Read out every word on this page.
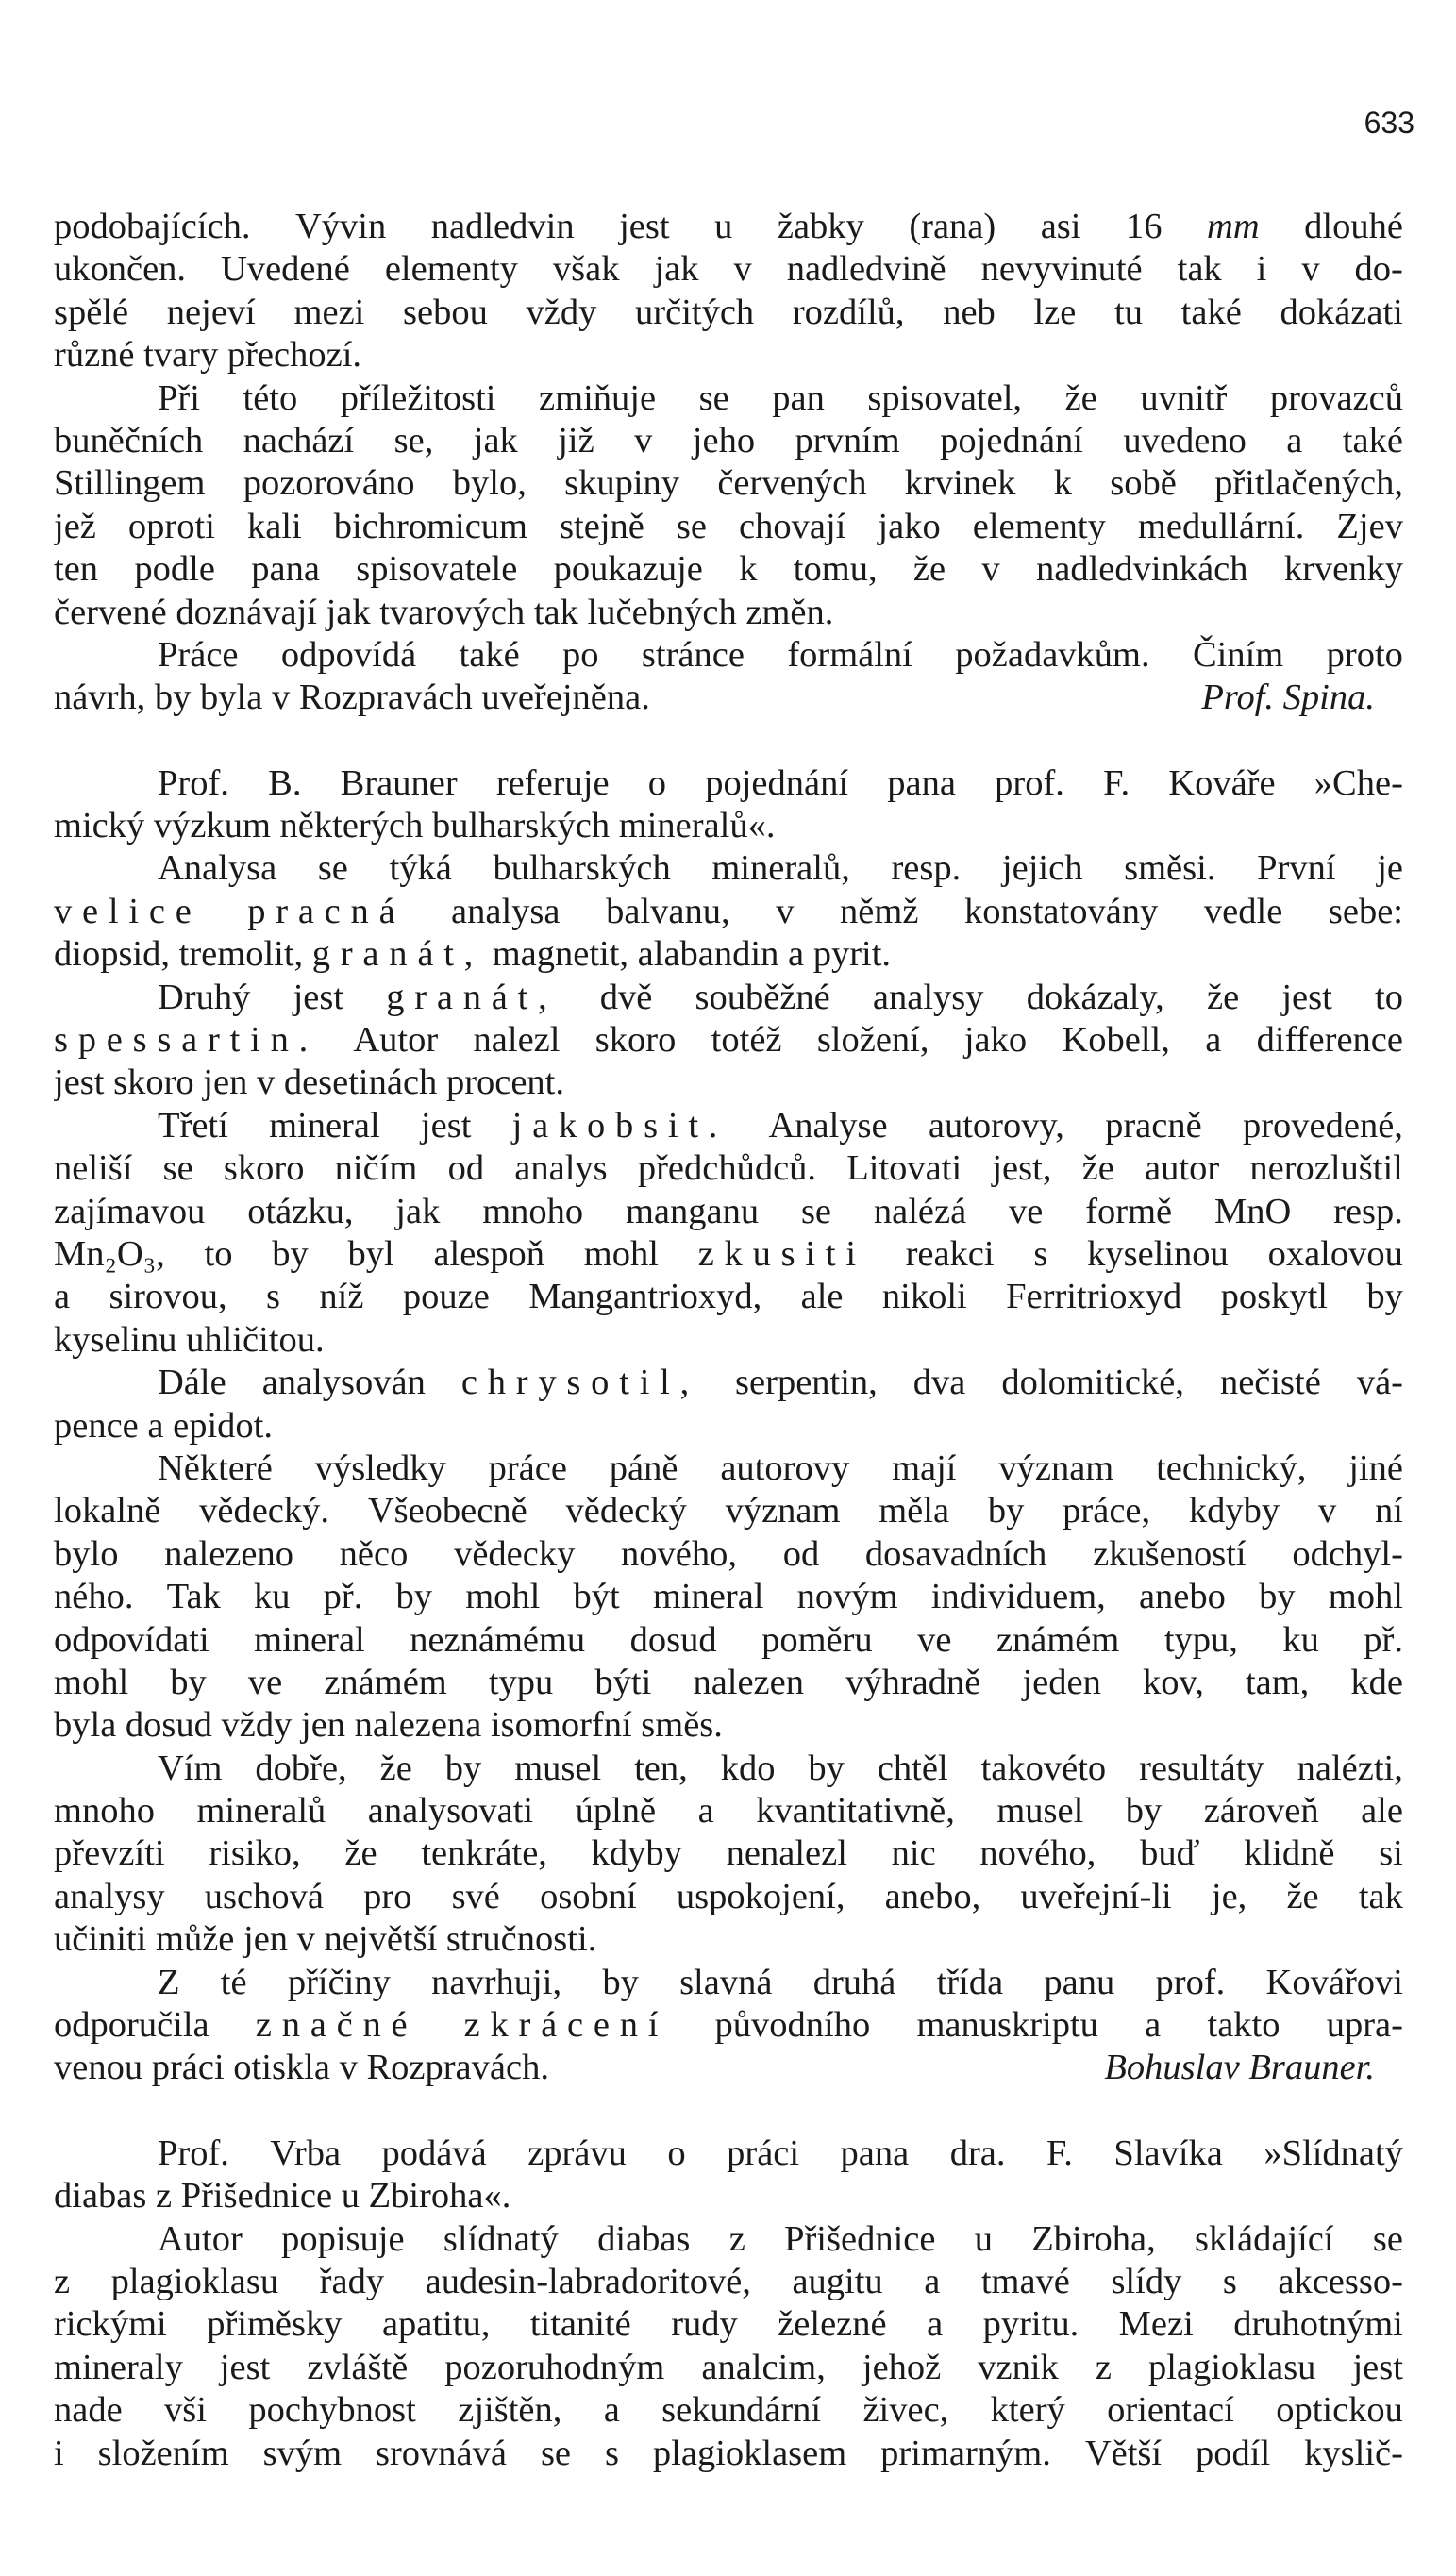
633
podobajících. Vývin nadledvin jest u žabky (rana) asi 16 mm dlouhé
ukončen. Uvedené elementy však jak v nadledvině nevyvinuté tak i v do-
spělé nejeví mezi sebou vždy určitých rozdílů, neb lze tu také dokázati
různé
tvary
přechozí.
Při této příležitosti zmiňuje se pan spisovatel, že uvnitř provazců
buněčních nachází se, jak již v jeho prvním pojednání uvedeno a také
Stillingem pozorováno bylo, skupiny červených krvinek k sobě přitlačených,
jež oproti kali bichromicum stejně se chovají jako elementy medullární. Zjev
ten podle pana spisovatele poukazuje k tomu, že v nadledvinkách krvenky
červené
doznávají
jak
tvarových
tak
lučebných
změn.
Práce odpovídá také po stránce formální požadavkům. Činím proto
návrh,
by
byla
v
Rozpravách
uveřejněna.	Prof. Spina.
Prof. B. Brauner referuje o pojednání pana prof. F. Kováře »Che-
mický
výzkum
některých
bulharských
mineralů«.
Analysa se týká bulharských mineralů, resp. jejich směsi. První je
velice pracná analysa balvanu, v němž konstatovány vedle sebe:
diopsid,
tremolit,
granát,
magnetit,
alabandin
a
pyrit.
Druhý jest granát, dvě souběžné analysy dokázaly, že jest to
spessartin. Autor nalezl skoro totéž složení, jako Kobell, a difference
jest
skoro
jen
v
desetinách
procent.
Třetí mineral jest jakobsit. Analyse autorovy, pracně provedené,
neliší se skoro ničím od analys předchůdců. Litovati jest, že autor nerozluštil
zajímavou otázku, jak mnoho manganu se nalézá ve formě MnO resp.
Mn₂O₃, to by byl alespoň mohl zkusiti reakci s kyselinou oxalovou
a sirovou, s níž pouze Mangantrioxyd, ale nikoli Ferritrioxyd poskytl by
kyselinu
uhličitou.
Dále analysován chrysotil, serpentin, dva dolomitické, nečisté vá-
pence
a
epidot.
Některé výsledky práce páně autorovy mají význam technický, jiné
lokalně vědecký. Všeobecně vědecký význam měla by práce, kdyby v ní
bylo nalezeno něco vědecky nového, od dosavadních zkušeností odchyl-
ného. Tak ku př. by mohl být mineral novým individuem, anebo by mohl
odpovídati mineral neznámému dosud poměru ve známém typu, ku př.
mohl by ve známém typu býti nalezen výhradně jeden kov, tam, kde
byla
dosud
vždy
jen
nalezena
isomorfní
směs.
Vím dobře, že by musel ten, kdo by chtěl takovéto resultáty nalézti,
mnoho mineralů analysovati úplně a kvantitativně, musel by zároveň ale
převzíti risiko, že tenkráte, kdyby nenalezl nic nového, buď klidně si
analysy uschová pro své osobní uspokojení, anebo, uveřejní-li je, že tak
učiniti
může
jen
v
největší
stručnosti.
Z té příčiny navrhuji, by slavná druhá třída panu prof. Kovářovi
odporučila značné zkrácení původního manuskriptu a takto upra-
venou
práci
otiskla
v
Rozpravách.	Bohuslav Brauner.
Prof. Vrba podává zprávu o práci pana dra. F. Slavíka »Slídnatý
diabas
z
Přišednice
u
Zbiroha«.
Autor popisuje slídnatý diabas z Přišednice u Zbiroha, skládající se
z plagioklasu řady audesin-labradoritové, augitu a tmavé slídy s akcesso-
rickými přiměsky apatitu, titanité rudy železné a pyritu. Mezi druhotnými
mineraly jest zvláště pozoruhodným analcim, jehož vznik z plagioklasu jest
nade vši pochybnost zjištěn, a sekundární živec, který orientací optickou
i složením svým srovnává se s plagioklasem primarným. Větší podíl kyslič-
